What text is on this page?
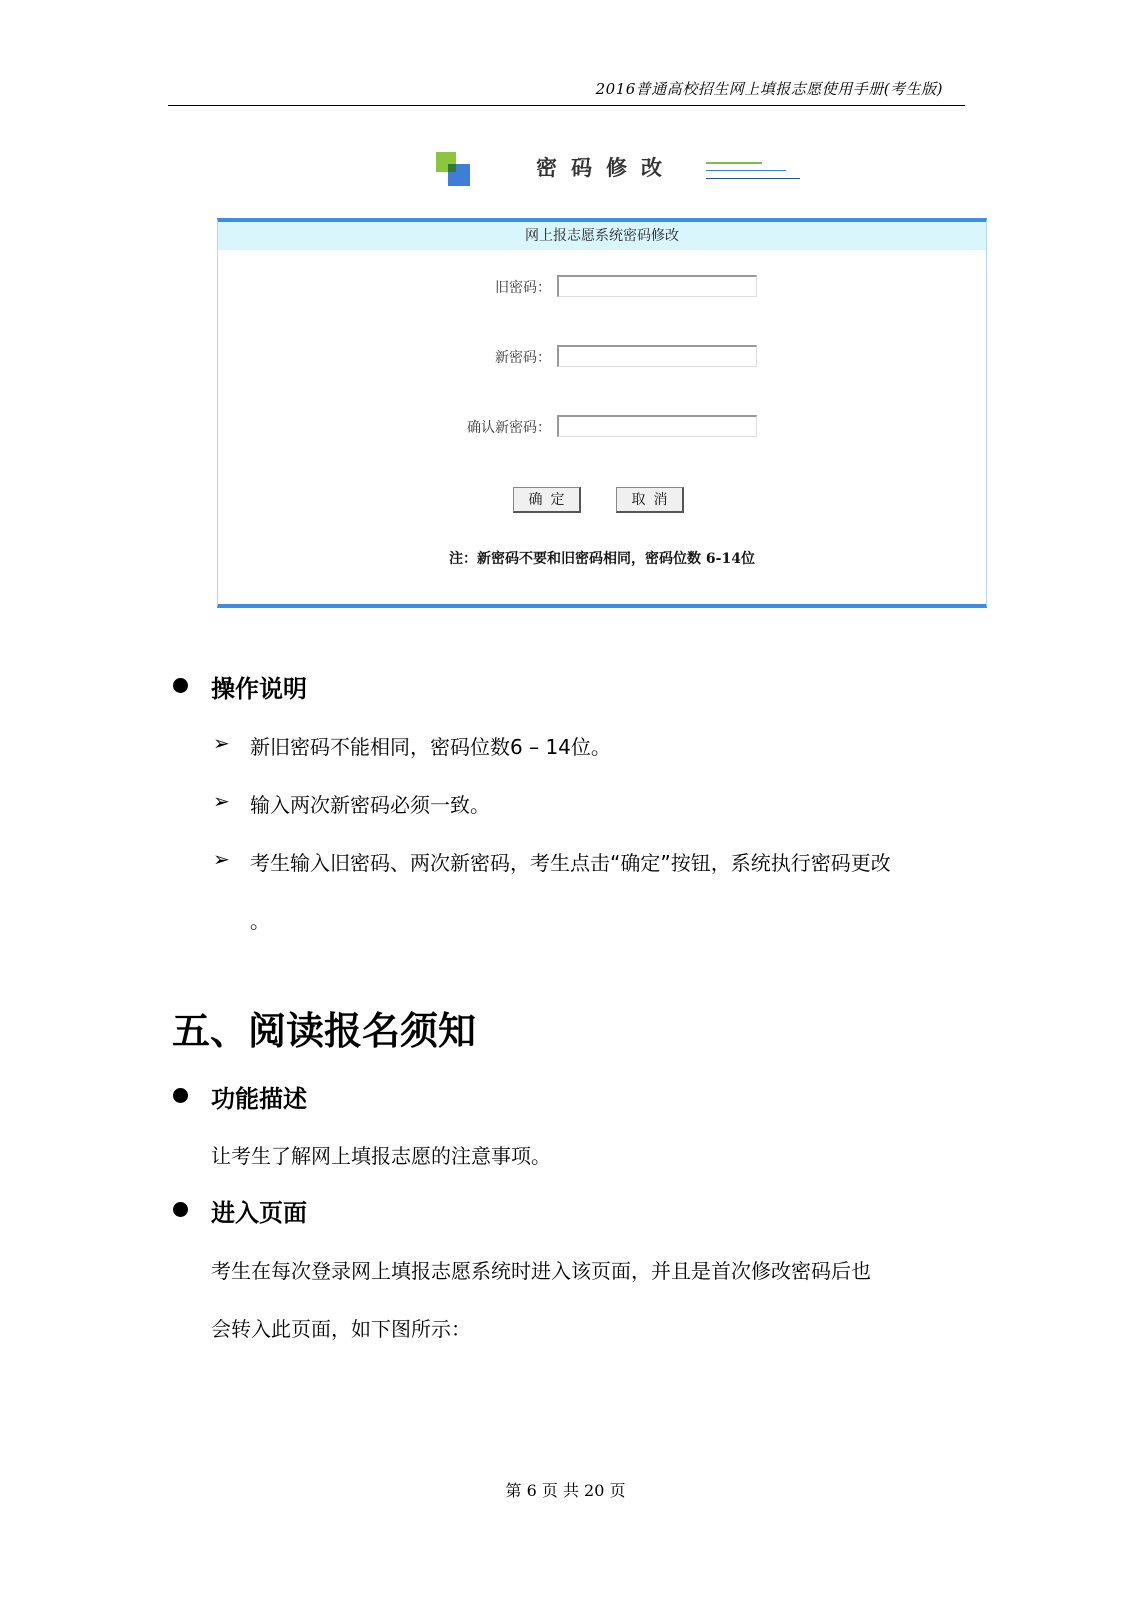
2016普通高校招生网上填报志愿使用手册(考生版)
密码修改
网上报志愿系统密码修改
旧密码：
新密码：
确认新密码：
确定	取消
注：新密码不要和旧密码相同，密码位数 6-14位
操作说明
➢ 新旧密码不能相同，密码位数6 – 14位。
➢ 输入两次新密码必须一致。
➢ 考生输入旧密码、两次新密码，考生点击“确定”按钮，系统执行密码更改
。
五、阅读报名须知
功能描述
让考生了解网上填报志愿的注意事项。
进入页面
考生在每次登录网上填报志愿系统时进入该页面，并且是首次修改密码后也
会转入此页面，如下图所示：
第 6 页 共 20 页
